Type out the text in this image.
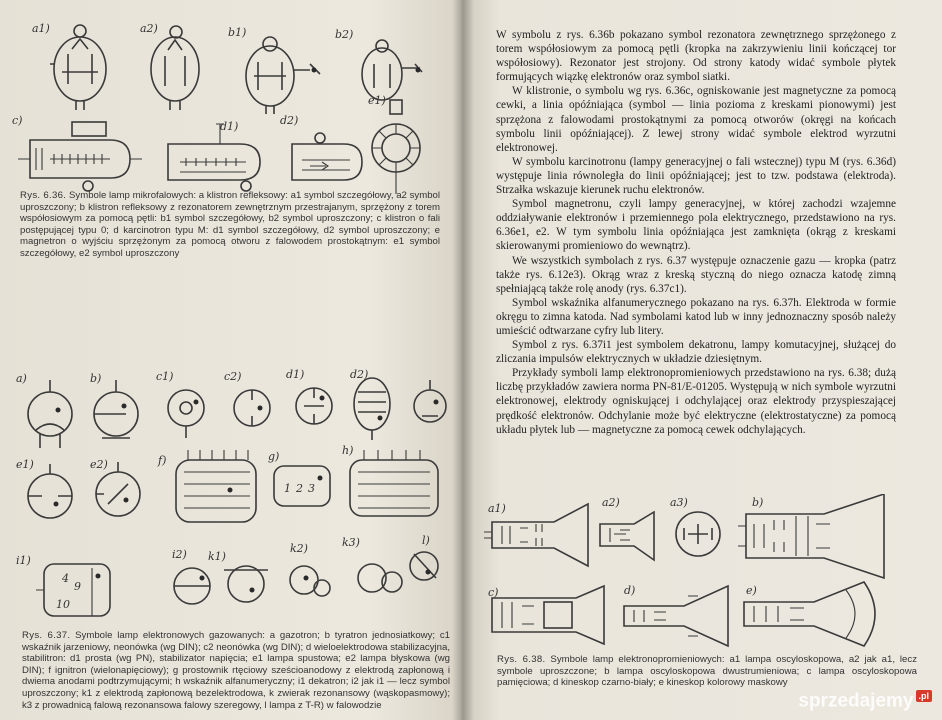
a1)	a2)	b1)	b2)
c)	d1)	d2)
e1)
Rys. 6.36. Symbole lamp mikrofalowych: a klistron refleksowy: a1 symbol szczegółowy, a2 symbol uproszczony; b klistron refleksowy z rezonatorem zewnętrznym przestrajanym, sprzężony z torem współosiowym za pomocą pętli: b1 symbol szczegółowy, b2 symbol uproszczony; c klistron o fali postępującej typu 0; d karcinotron typu M: d1 symbol szczegółowy, d2 symbol uproszczony; e magnetron o wyjściu sprzężonym za pomocą otworu z falowodem prostokątnym: e1 symbol szczegółowy, e2 symbol uproszczony
a)	b)	c1)	c2)	d1)	d2)
e1)	e2)	f)	g)	h)
i1)	i2) k1)
k2)	k3)	l)
1 2 3
4
9
10
Rys. 6.37. Symbole lamp elektronowych gazowanych: a gazotron; b tyratron jednosiatkowy; c1 wskaźnik jarzeniowy, neonówka (wg DIN); c2 neonówka (wg DIN); d wieloelektrodowa stabilizacyjna, stabilitron: d1 prosta (wg PN), stabilizator napięcia; e1 lampa spustowa; e2 lampa błyskowa (wg DIN); f ignitron (wielonapięciowy); g prostownik rtęciowy sześcioanodowy z elektrodą zapłonową i dwiema anodami podtrzymującymi; h wskaźnik alfanumeryczny; i1 dekatron; i2 jak i1 — lecz symbol uproszczony; k1 z elektrodą zapłonową bezelektrodowa, k zwierak rezonansowy (wąskopasmowy); k3 z prowadnicą falową rezonansowa falowy szeregowy, l lampa z T-R) w falowodzie

W symbolu z rys. 6.36b pokazano symbol rezonatora zewnętrznego sprzężonego z torem współosiowym za pomocą pętli (kropka na zakrzywieniu linii kończącej tor współosiowy). Rezonator jest strojony. Od strony katody widać symbole płytek formujących wiązkę elektronów oraz symbol siatki.

W klistronie, o symbolu wg rys. 6.36c, ogniskowanie jest magnetyczne za pomocą cewki, a linia opóźniająca (symbol — linia pozioma z kreskami pionowymi) jest sprzężona z falowodami prostokątnymi za pomocą otworów (okręgi na końcach symbolu linii opóźniającej). Z lewej strony widać symbole elektrod wyrzutni elektronowej.

W symbolu karcinotronu (lampy generacyjnej o fali wstecznej) typu M (rys. 6.36d) występuje linia równoległa do linii opóźniającej; jest to tzw. podstawa (elektroda). Strzałka wskazuje kierunek ruchu elektronów.

Symbol magnetronu, czyli lampy generacyjnej, w której zachodzi wzajemne oddziaływanie elektronów i przemiennego pola elektrycznego, przedstawiono na rys. 6.36e1, e2. W tym symbolu linia opóźniająca jest zamknięta (okrąg z kreskami skierowanymi promieniowo do wewnątrz).

We wszystkich symbolach z rys. 6.37 występuje oznaczenie gazu — kropka (patrz także rys. 6.12e3). Okrąg wraz z kreską styczną do niego oznacza katodę zimną spełniającą także rolę anody (rys. 6.37c1).

Symbol wskaźnika alfanumerycznego pokazano na rys. 6.37h. Elektroda w formie okręgu to zimna katoda. Nad symbolami katod lub w inny jednoznaczny sposób należy umieścić odtwarzane cyfry lub litery.

Symbol z rys. 6.37i1 jest symbolem dekatronu, lampy komutacyjnej, służącej do zliczania impulsów elektrycznych w układzie dziesiętnym.

Przykłady symboli lamp elektronopromieniowych przedstawiono na rys. 6.38; dużą liczbę przykładów zawiera norma PN-81/E-01205. Występują w nich symbole wyrzutni elektronowej, elektrody ogniskującej i odchylającej oraz elektrody przyspieszającej prędkość elektronów. Odchylanie może być elektryczne (elektrostatyczne) za pomocą układu płytek lub — magnetyczne za pomocą cewek odchylających.

a1)	a2)	a3)	b)
c)	d)	e)
Rys. 6.38. Symbole lamp elektronopromieniowych: a1 lampa oscyloskopowa, a2 jak a1, lecz symbole uproszczone; b lampa oscyloskopowa dwustrumieniowa; c lampa oscyloskopowa pamięciowa; d kineskop czarno-biały; e kineskop kolorowy maskowy
sprzedajemy .pl
